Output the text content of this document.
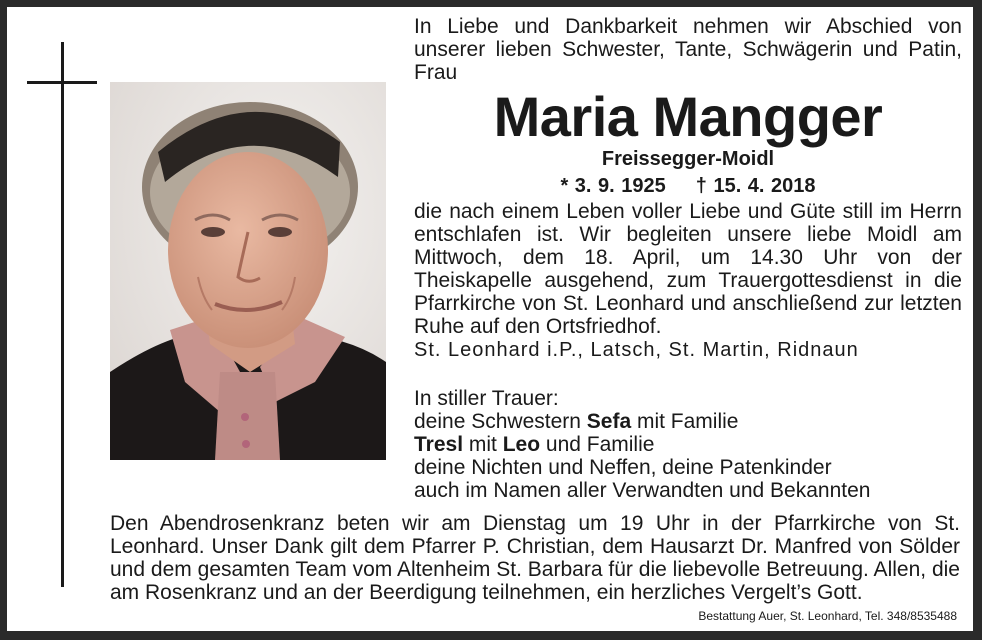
In Liebe und Dankbarkeit nehmen wir Abschied von unserer lieben Schwester, Tante, Schwägerin und Patin, Frau
Maria Mangger
Freissegger-Moidl
* 3. 9. 1925 † 15. 4. 2018
die nach einem Leben voller Liebe und Güte still im Herrn entschlafen ist. Wir begleiten unsere liebe Moidl am Mittwoch, dem 18. April, um 14.30 Uhr von der Theiskapelle ausgehend, zum Trauergottesdienst in die Pfarrkirche von St. Leonhard und anschließend zur letzten Ruhe auf den Ortsfriedhof.
St. Leonhard i.P., Latsch, St. Martin, Ridnaun
In stiller Trauer:
deine Schwestern Sefa mit Familie
Tresl mit Leo und Familie
deine Nichten und Neffen, deine Patenkinder
auch im Namen aller Verwandten und Bekannten
Den Abendrosenkranz beten wir am Dienstag um 19 Uhr in der Pfarrkirche von St. Leonhard. Unser Dank gilt dem Pfarrer P. Christian, dem Hausarzt Dr. Manfred von Sölder und dem gesamten Team vom Altenheim St. Barbara für die liebevolle Betreuung. Allen, die am Rosenkranz und an der Beerdigung teilnehmen, ein herzliches Vergelt’s Gott.
Bestattung Auer, St. Leonhard, Tel. 348/8535488
